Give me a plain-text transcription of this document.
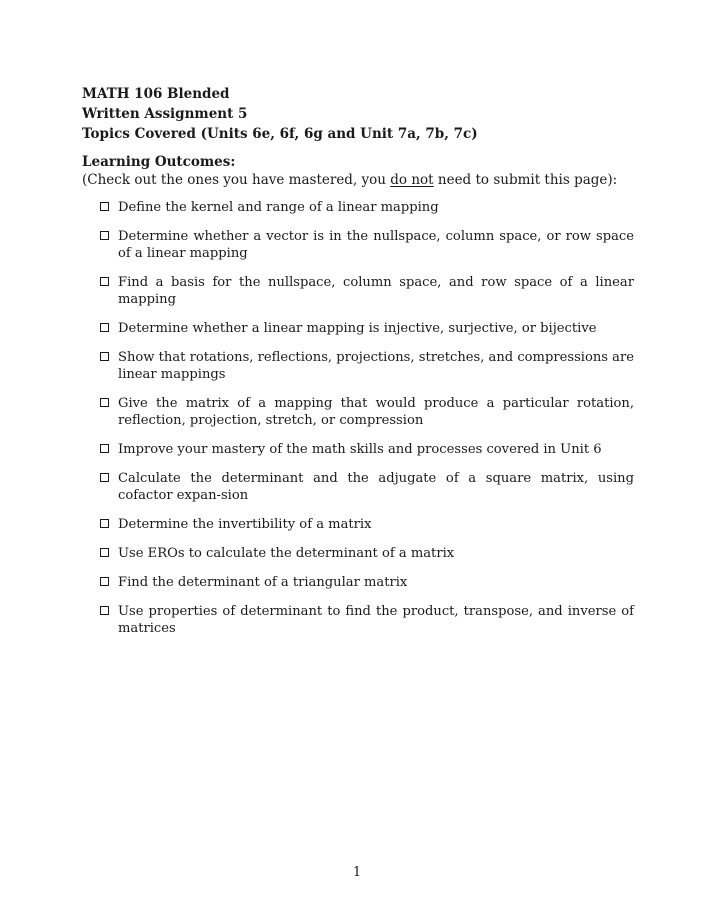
MATH 106 Blended
Written Assignment 5
Topics Covered (Units 6e, 6f, 6g and Unit 7a, 7b, 7c)
Learning Outcomes:
(Check out the ones you have mastered, you do not need to submit this page):
Define the kernel and range of a linear mapping
Determine whether a vector is in the nullspace, column space, or row space of a linear mapping
Find a basis for the nullspace, column space, and row space of a linear mapping
Determine whether a linear mapping is injective, surjective, or bijective
Show that rotations, reflections, projections, stretches, and compressions are linear mappings
Give the matrix of a mapping that would produce a particular rotation, reflection, projection, stretch, or compression
Improve your mastery of the math skills and processes covered in Unit 6
Calculate the determinant and the adjugate of a square matrix, using cofactor expan-sion
Determine the invertibility of a matrix
Use EROs to calculate the determinant of a matrix
Find the determinant of a triangular matrix
Use properties of determinant to find the product, transpose, and inverse of matrices
1
